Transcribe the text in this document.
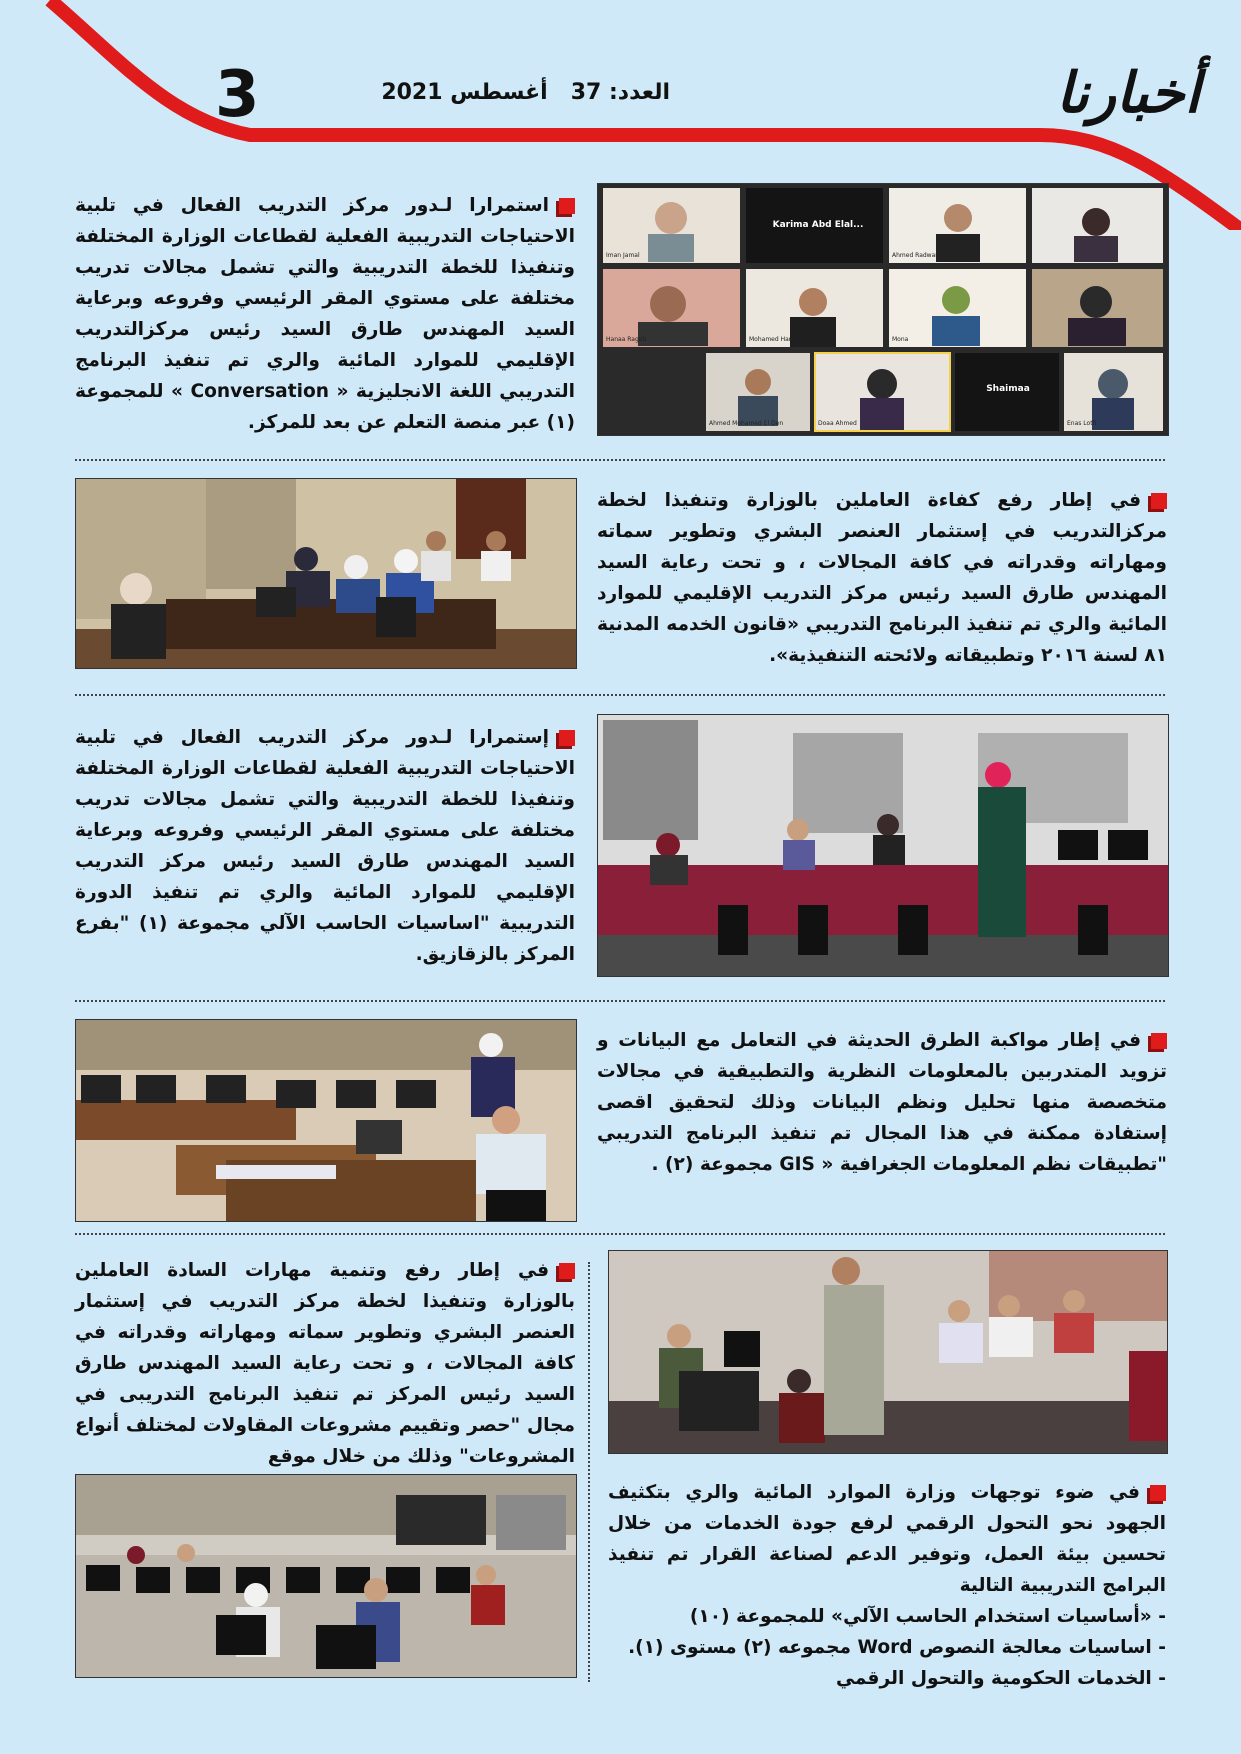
أخبارنا
العدد: 37   أغسطس 2021
3
Karima Abd Elal...
Shaimaa
Iman Jamal	Ahmed Radwan
Hanaa Ragab	Mohamed Hamdi	Mona
Ahmed Mohamed El Den	Doaa Ahmed	Enas Lotfi
استمرارا لـدور مركز التدريب الفعال في تلبية الاحتياجات التدريبية الفعلية لقطاعات الوزارة المختلفة وتنفيذا للخطة التدريبية والتي تشمل مجالات تدريب مختلفة على مستوي المقر الرئيسي وفروعه وبرعاية السيد المهندس طارق السيد رئيس مركزالتدريب الإقليمي للموارد المائية والري تم تنفيذ البرنامج التدريبي اللغة الانجليزية « Conversation » للمجموعة (١) عبر منصة التعلم عن بعد للمركز.
في إطار رفع كفاءة العاملين بالوزارة وتنفيذا لخطة مركزالتدريب في إستثمار العنصر البشري وتطوير سماته ومهاراته وقدراته في كافة المجالات ، و تحت رعاية السيد المهندس طارق السيد رئيس مركز التدريب الإقليمي للموارد المائية والري تم تنفيذ البرنامج التدريبي «قانون الخدمه المدنية ٨١ لسنة ٢٠١٦ وتطبيقاته ولائحته التنفيذية».
إستمرارا لـدور مركز التدريب الفعال في تلبية الاحتياجات التدريبية الفعلية لقطاعات الوزارة المختلفة وتنفيذا للخطة التدريبية والتي تشمل مجالات تدريب مختلفة على مستوي المقر الرئيسي وفروعه وبرعاية السيد المهندس طارق السيد رئيس مركز التدريب الإقليمي للموارد المائية والري تم تنفيذ الدورة التدريبية "اساسيات الحاسب الآلي مجموعة (١) "بفرع المركز بالزقازيق.
في إطار مواكبة الطرق الحديثة في التعامل مع البيانات و تزويد المتدربين بالمعلومات النظرية والتطبيقية في مجالات متخصصة منها تحليل ونظم البيانات وذلك لتحقيق اقصى إستفادة ممكنة في هذا المجال تم تنفيذ البرنامج التدريبي "تطبيقات نظم المعلومات الجغرافية « GIS مجموعة (٢) .
في إطار رفع وتنمية مهارات السادة العاملين بالوزارة وتنفيذا لخطة مركز التدريب في إستثمار العنصر البشري وتطوير سماته ومهاراته وقدراته في كافة المجالات ، و تحت رعاية السيد المهندس طارق السيد رئيس المركز تم تنفيذ البرنامج التدريبى في مجال "حصر وتقييم مشروعات المقاولات لمختلف أنواع المشروعات" وذلك من خلال موقع
في ضوء توجهات وزارة الموارد المائية والري بتكثيف الجهود نحو التحول الرقمي لرفع جودة الخدمات من خلال تحسين بيئة العمل، وتوفير الدعم لصناعة القرار تم تنفيذ البرامج التدريبية التالية
- «أساسيات استخدام الحاسب الآلي» للمجموعة (١٠)
- اساسيات معالجة النصوص Word مجموعه (٢) مستوى (١).
- الخدمات الحكومية والتحول الرقمي
